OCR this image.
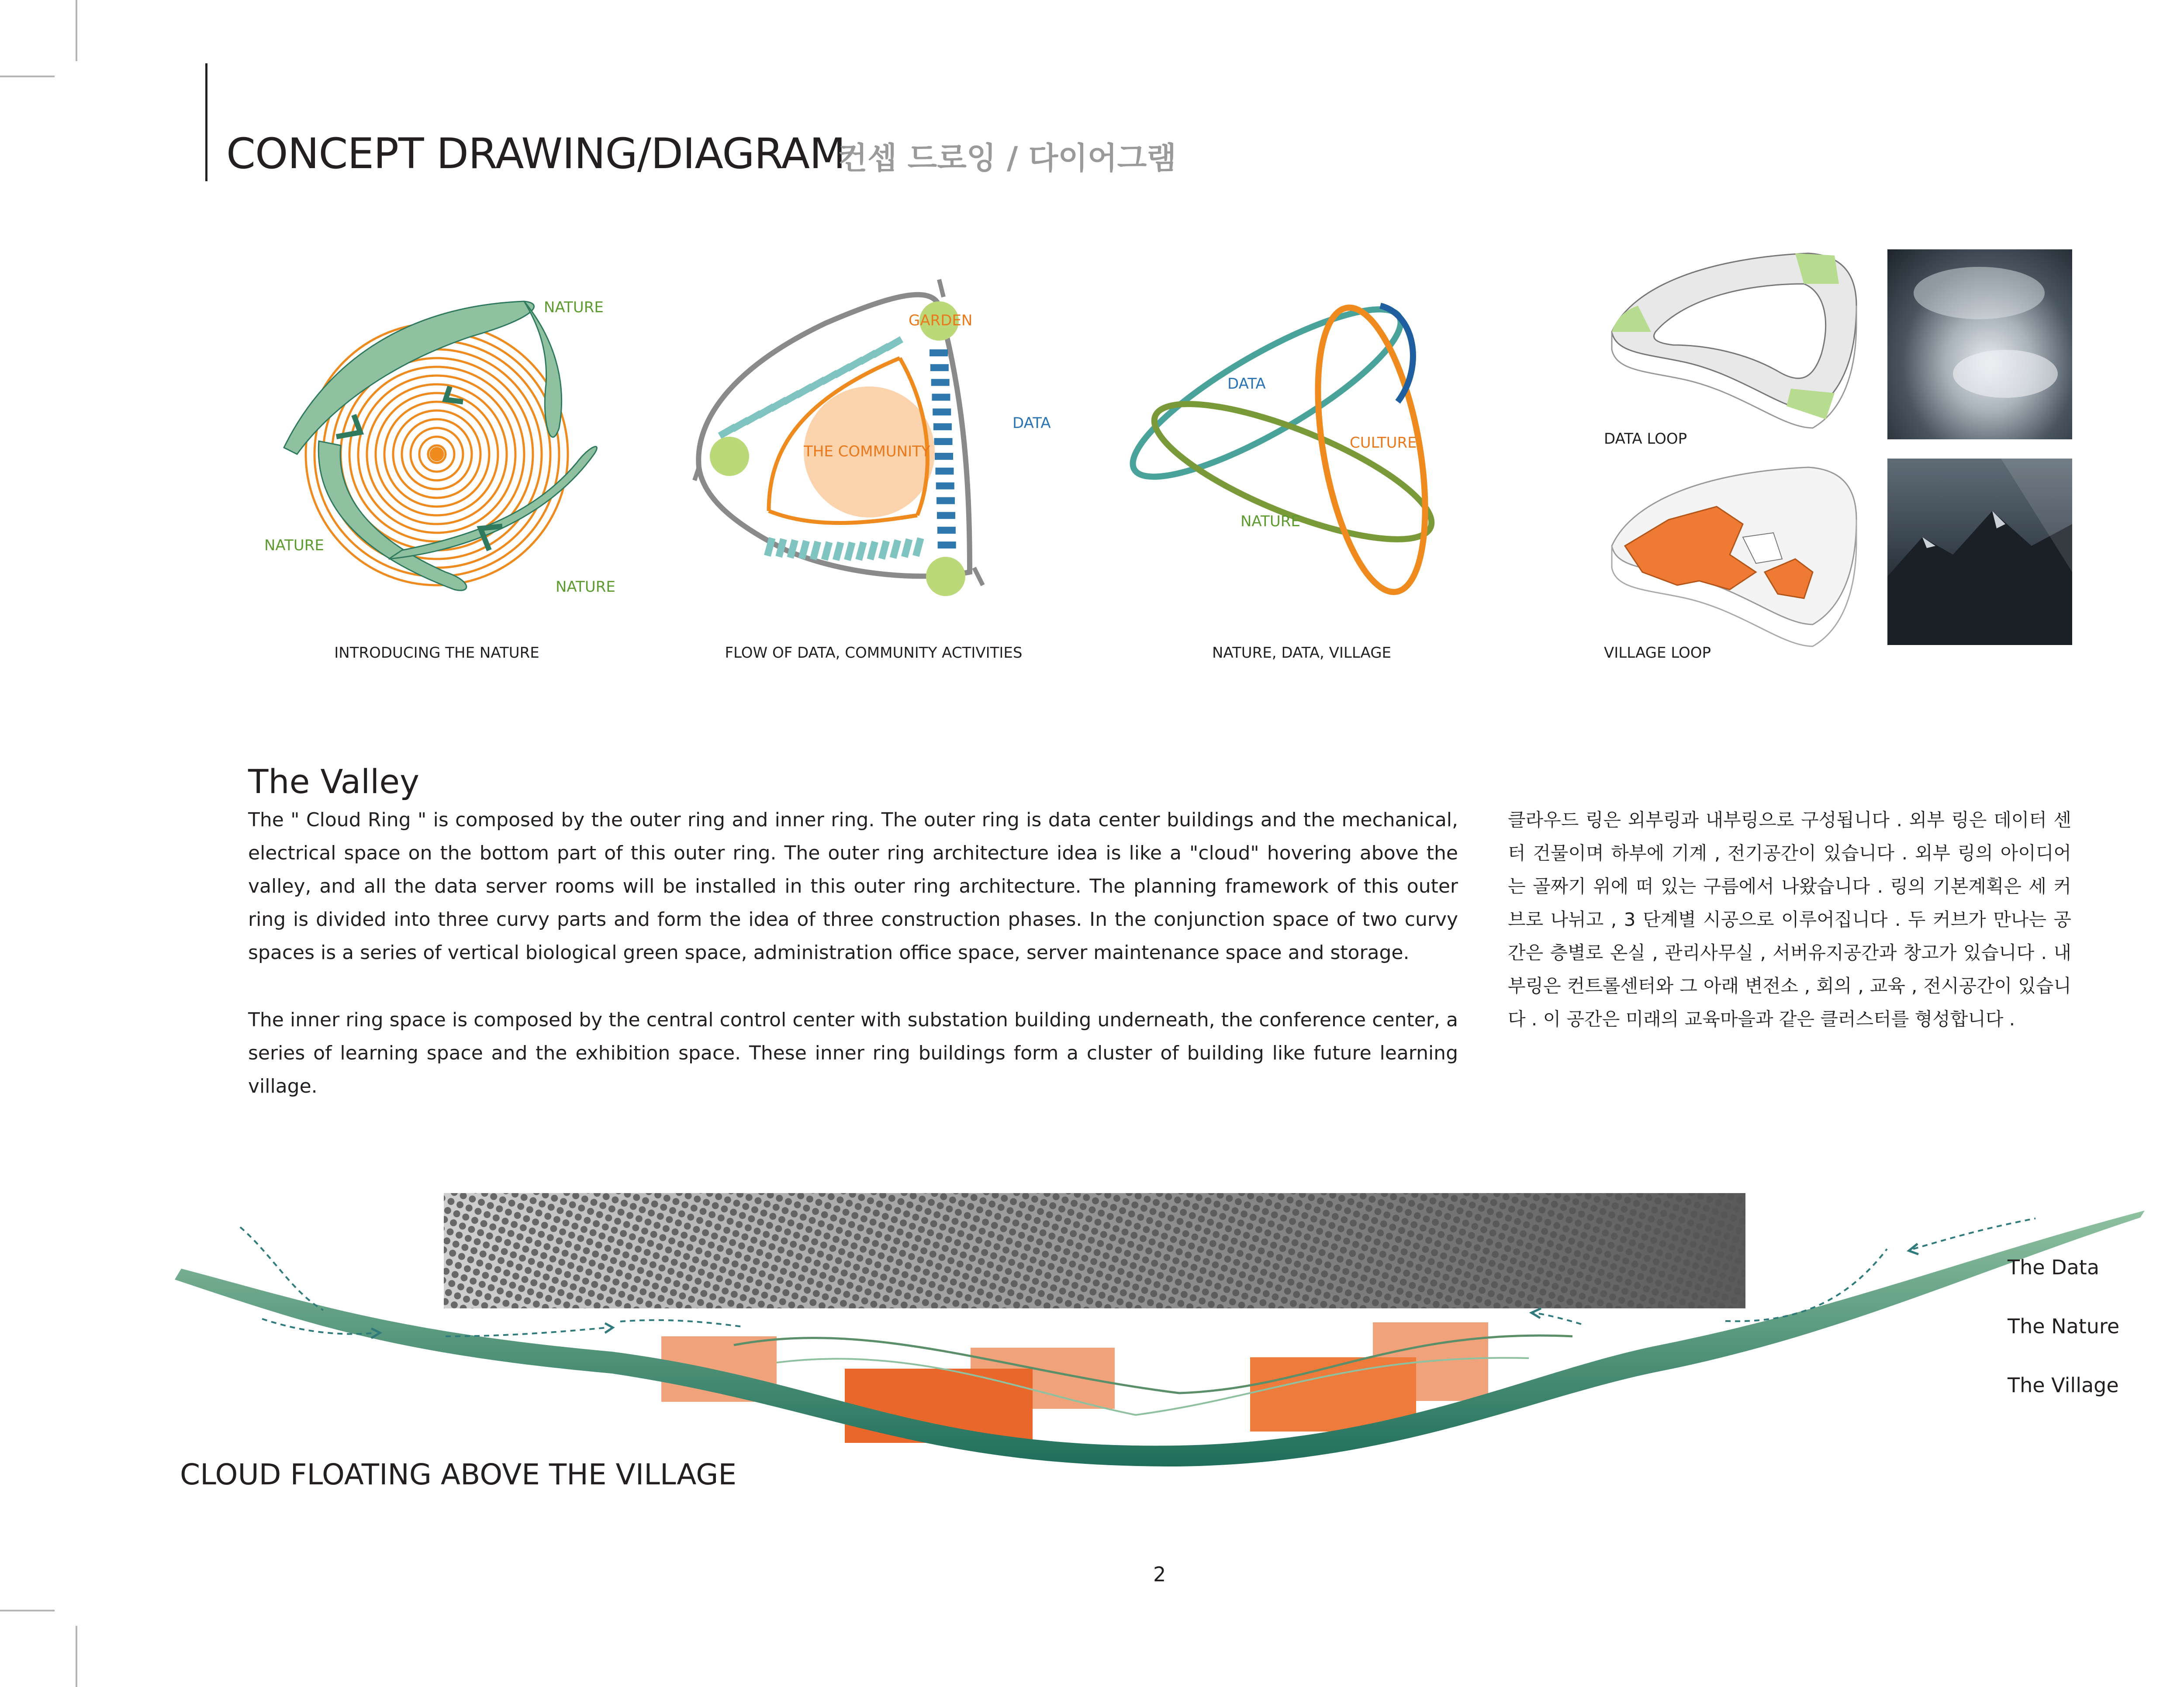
CONCEPT DRAWING/DIAGRAM
컨셉 드로잉 / 다이어그램
NATURE
NATURE
NATURE
INTRODUCING THE NATURE
GARDEN
DATA
THE COMMUNITY
FLOW OF DATA, COMMUNITY ACTIVITIES
DATA
CULTURE
NATURE
NATURE, DATA, VILLAGE
DATA LOOP
VILLAGE LOOP
The Valley
The " Cloud Ring " is composed by the outer ring and inner ring. The outer ring is data center buildings and the mechanical, electrical space on the bottom part of this outer ring. The outer ring architecture idea is like a "cloud" hovering above the valley, and all the data server rooms will be installed in this outer ring architecture. The planning framework of this outer ring is divided into three curvy parts and form the idea of three construction phases. In the conjunction space of two curvy spaces is a series of vertical biological green space, administration office space, server maintenance space and storage.
The inner ring space is composed by the central control center with substation building underneath, the conference center, a series of learning space and the exhibition space. These inner ring buildings form a cluster of building like future learning village.
클라우드 링은 외부링과 내부링으로 구성됩니다 . 외부 링은 데이터 센터 건물이며 하부에 기계 , 전기공간이 있습니다 . 외부 링의 아이디어는 골짜기 위에 떠 있는 구름에서 나왔습니다 . 링의 기본계획은 세 커브로 나뉘고 , 3 단계별 시공으로 이루어집니다 . 두 커브가 만나는 공간은 층별로 온실 , 관리사무실 , 서버유지공간과 창고가 있습니다 . 내부링은 컨트롤센터와 그 아래 변전소 , 회의 , 교육 , 전시공간이 있습니다 . 이 공간은 미래의 교육마을과 같은 클러스터를 형성합니다 .
CLOUD FLOATING ABOVE THE VILLAGE
The Data
The Nature
The Village
2
